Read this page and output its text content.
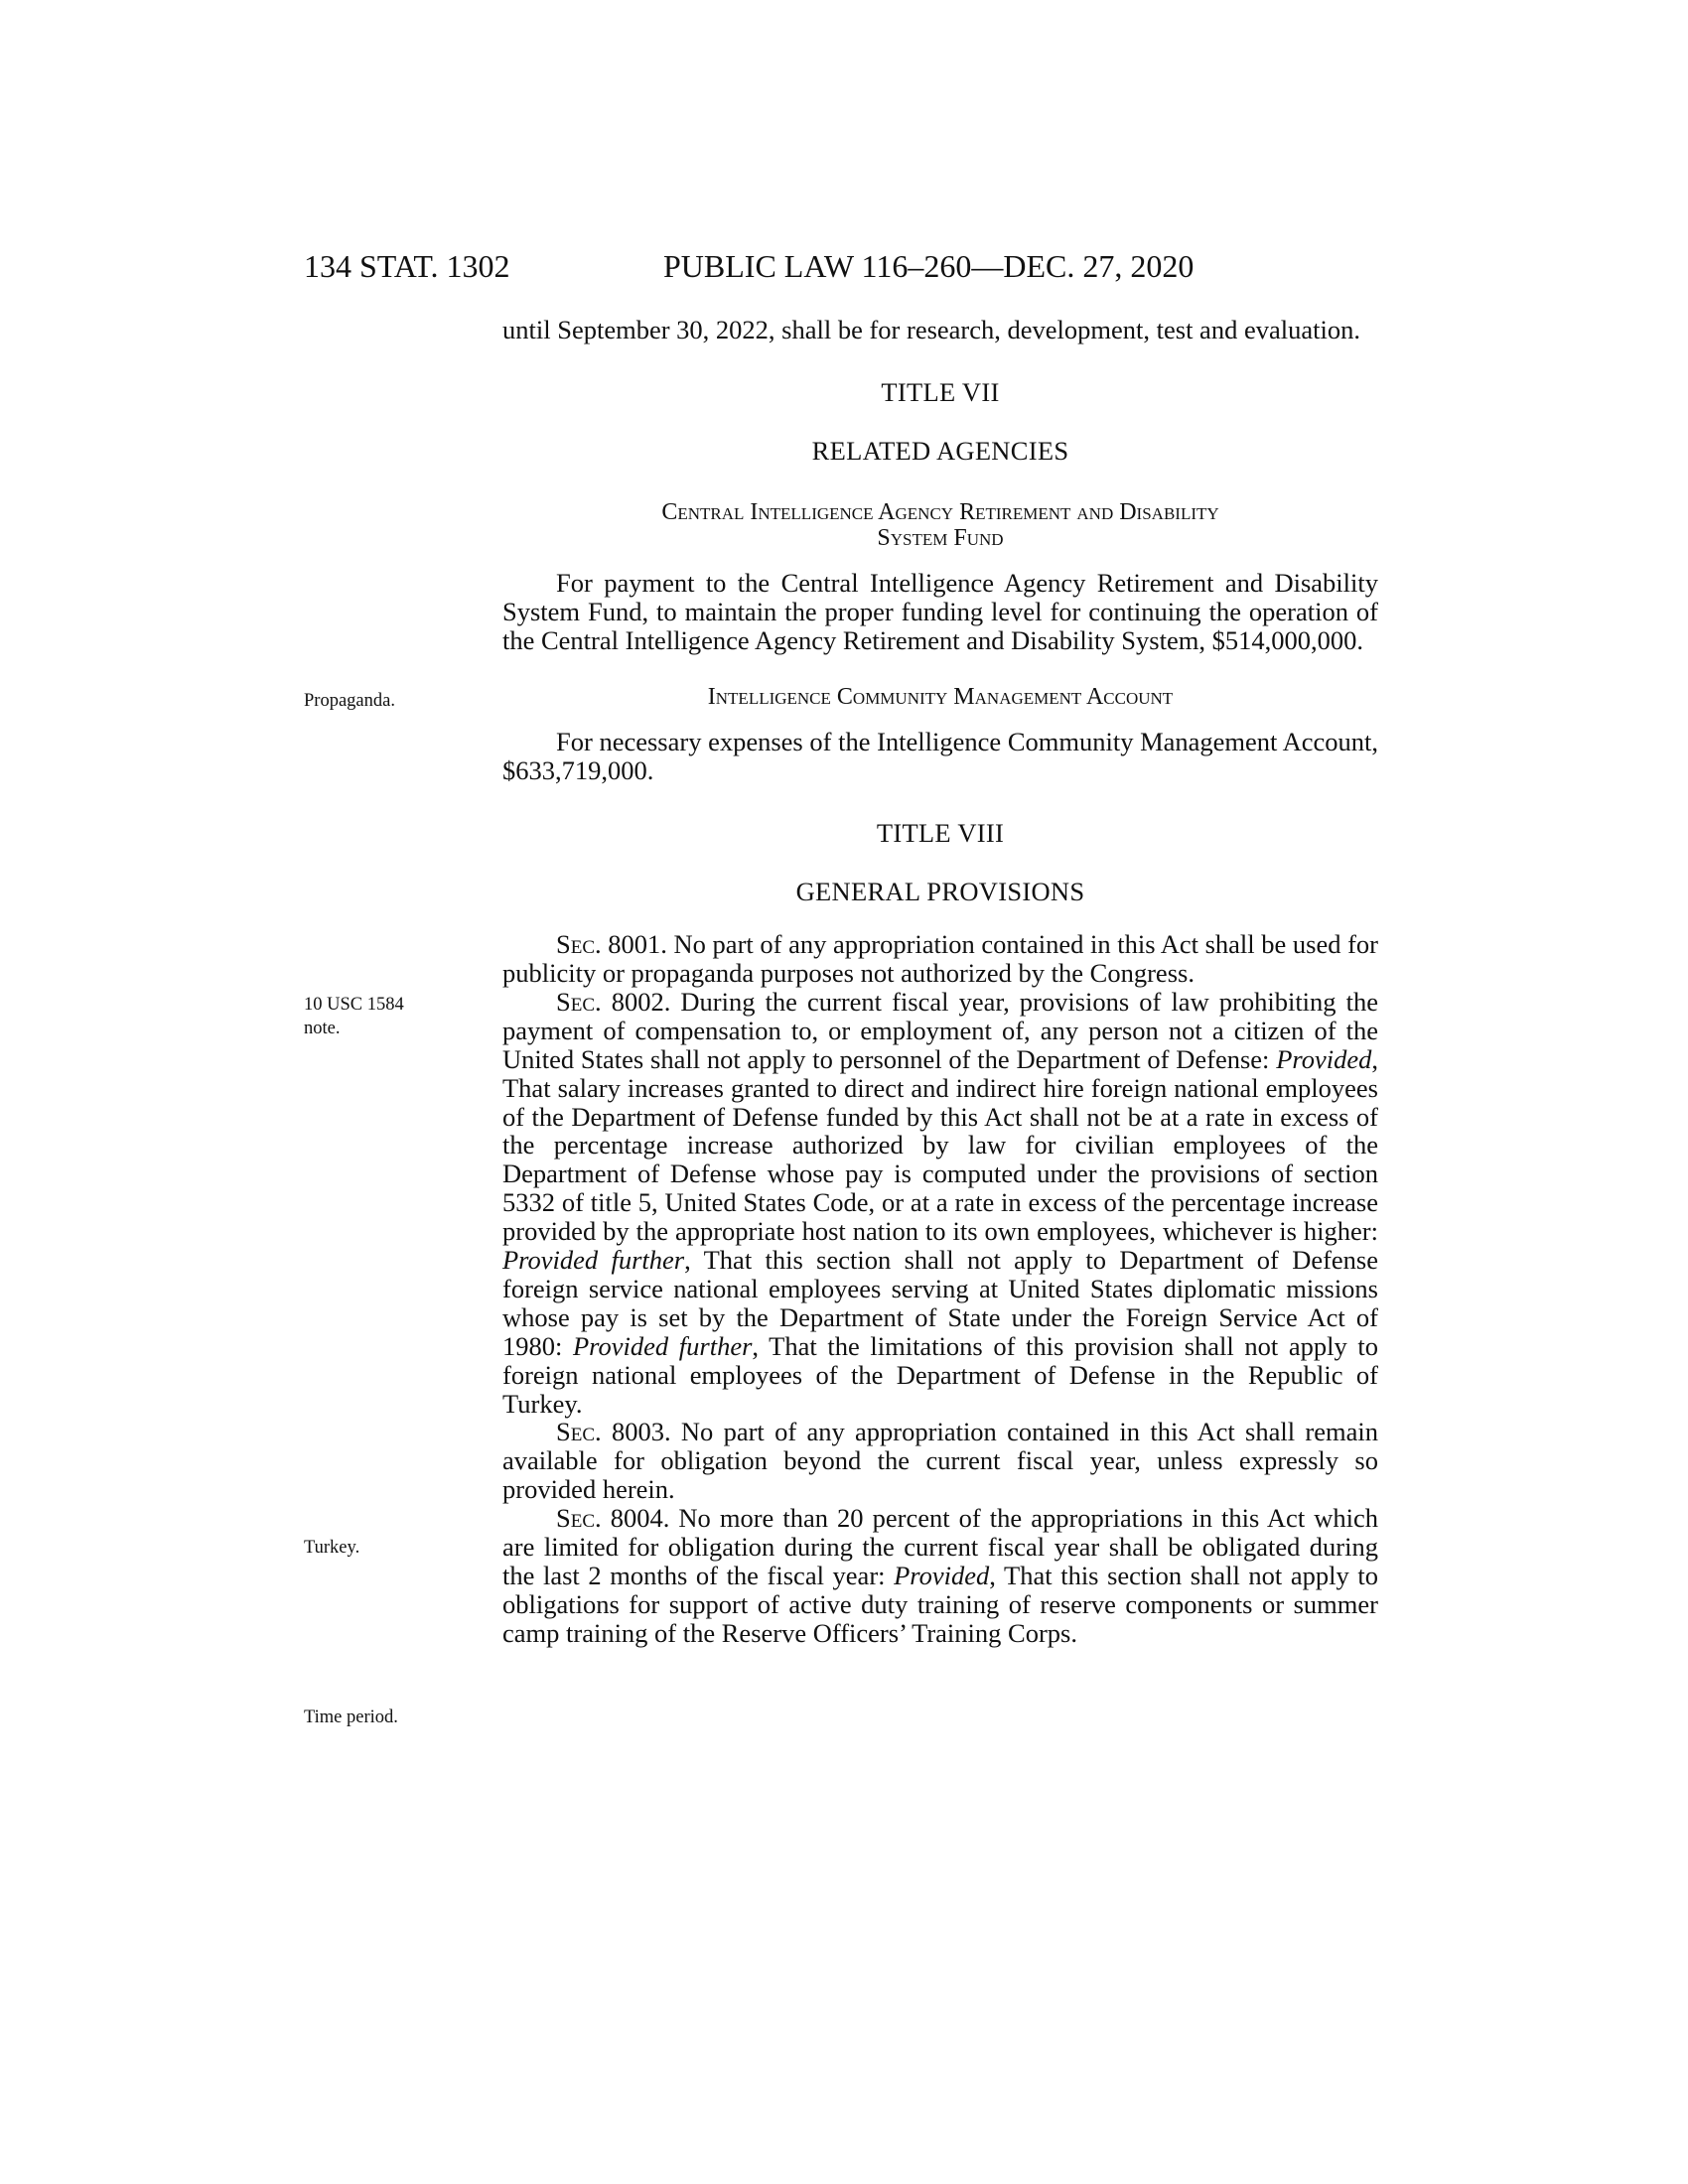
134 STAT. 1302	PUBLIC LAW 116–260—DEC. 27, 2020
Propaganda.
10 USC 1584
note.
Turkey.
Time period.

until September 30, 2022, shall be for research, development, test and evaluation.

TITLE VII
RELATED AGENCIES
Central Intelligence Agency Retirement and Disability
System Fund

For payment to the Central Intelligence Agency Retirement and Disability System Fund, to maintain the proper funding level for continuing the operation of the Central Intelligence Agency Retirement and Disability System, $514,000,000.

Intelligence Community Management Account

For necessary expenses of the Intelligence Community Management Account, $633,719,000.

TITLE VIII
GENERAL PROVISIONS

Sec. 8001. No part of any appropriation contained in this Act shall be used for publicity or propaganda purposes not authorized by the Congress.

Sec. 8002. During the current fiscal year, provisions of law prohibiting the payment of compensation to, or employment of, any person not a citizen of the United States shall not apply to personnel of the Department of Defense: Provided, That salary increases granted to direct and indirect hire foreign national employees of the Department of Defense funded by this Act shall not be at a rate in excess of the percentage increase authorized by law for civilian employees of the Department of Defense whose pay is computed under the provisions of section 5332 of title 5, United States Code, or at a rate in excess of the percentage increase provided by the appropriate host nation to its own employees, whichever is higher: Provided further, That this section shall not apply to Department of Defense foreign service national employees serving at United States diplomatic missions whose pay is set by the Department of State under the Foreign Service Act of 1980: Provided further, That the limitations of this provision shall not apply to foreign national employees of the Department of Defense in the Republic of Turkey.

Sec. 8003. No part of any appropriation contained in this Act shall remain available for obligation beyond the current fiscal year, unless expressly so provided herein.

Sec. 8004. No more than 20 percent of the appropriations in this Act which are limited for obligation during the current fiscal year shall be obligated during the last 2 months of the fiscal year: Provided, That this section shall not apply to obligations for support of active duty training of reserve components or summer camp training of the Reserve Officers’ Training Corps.
